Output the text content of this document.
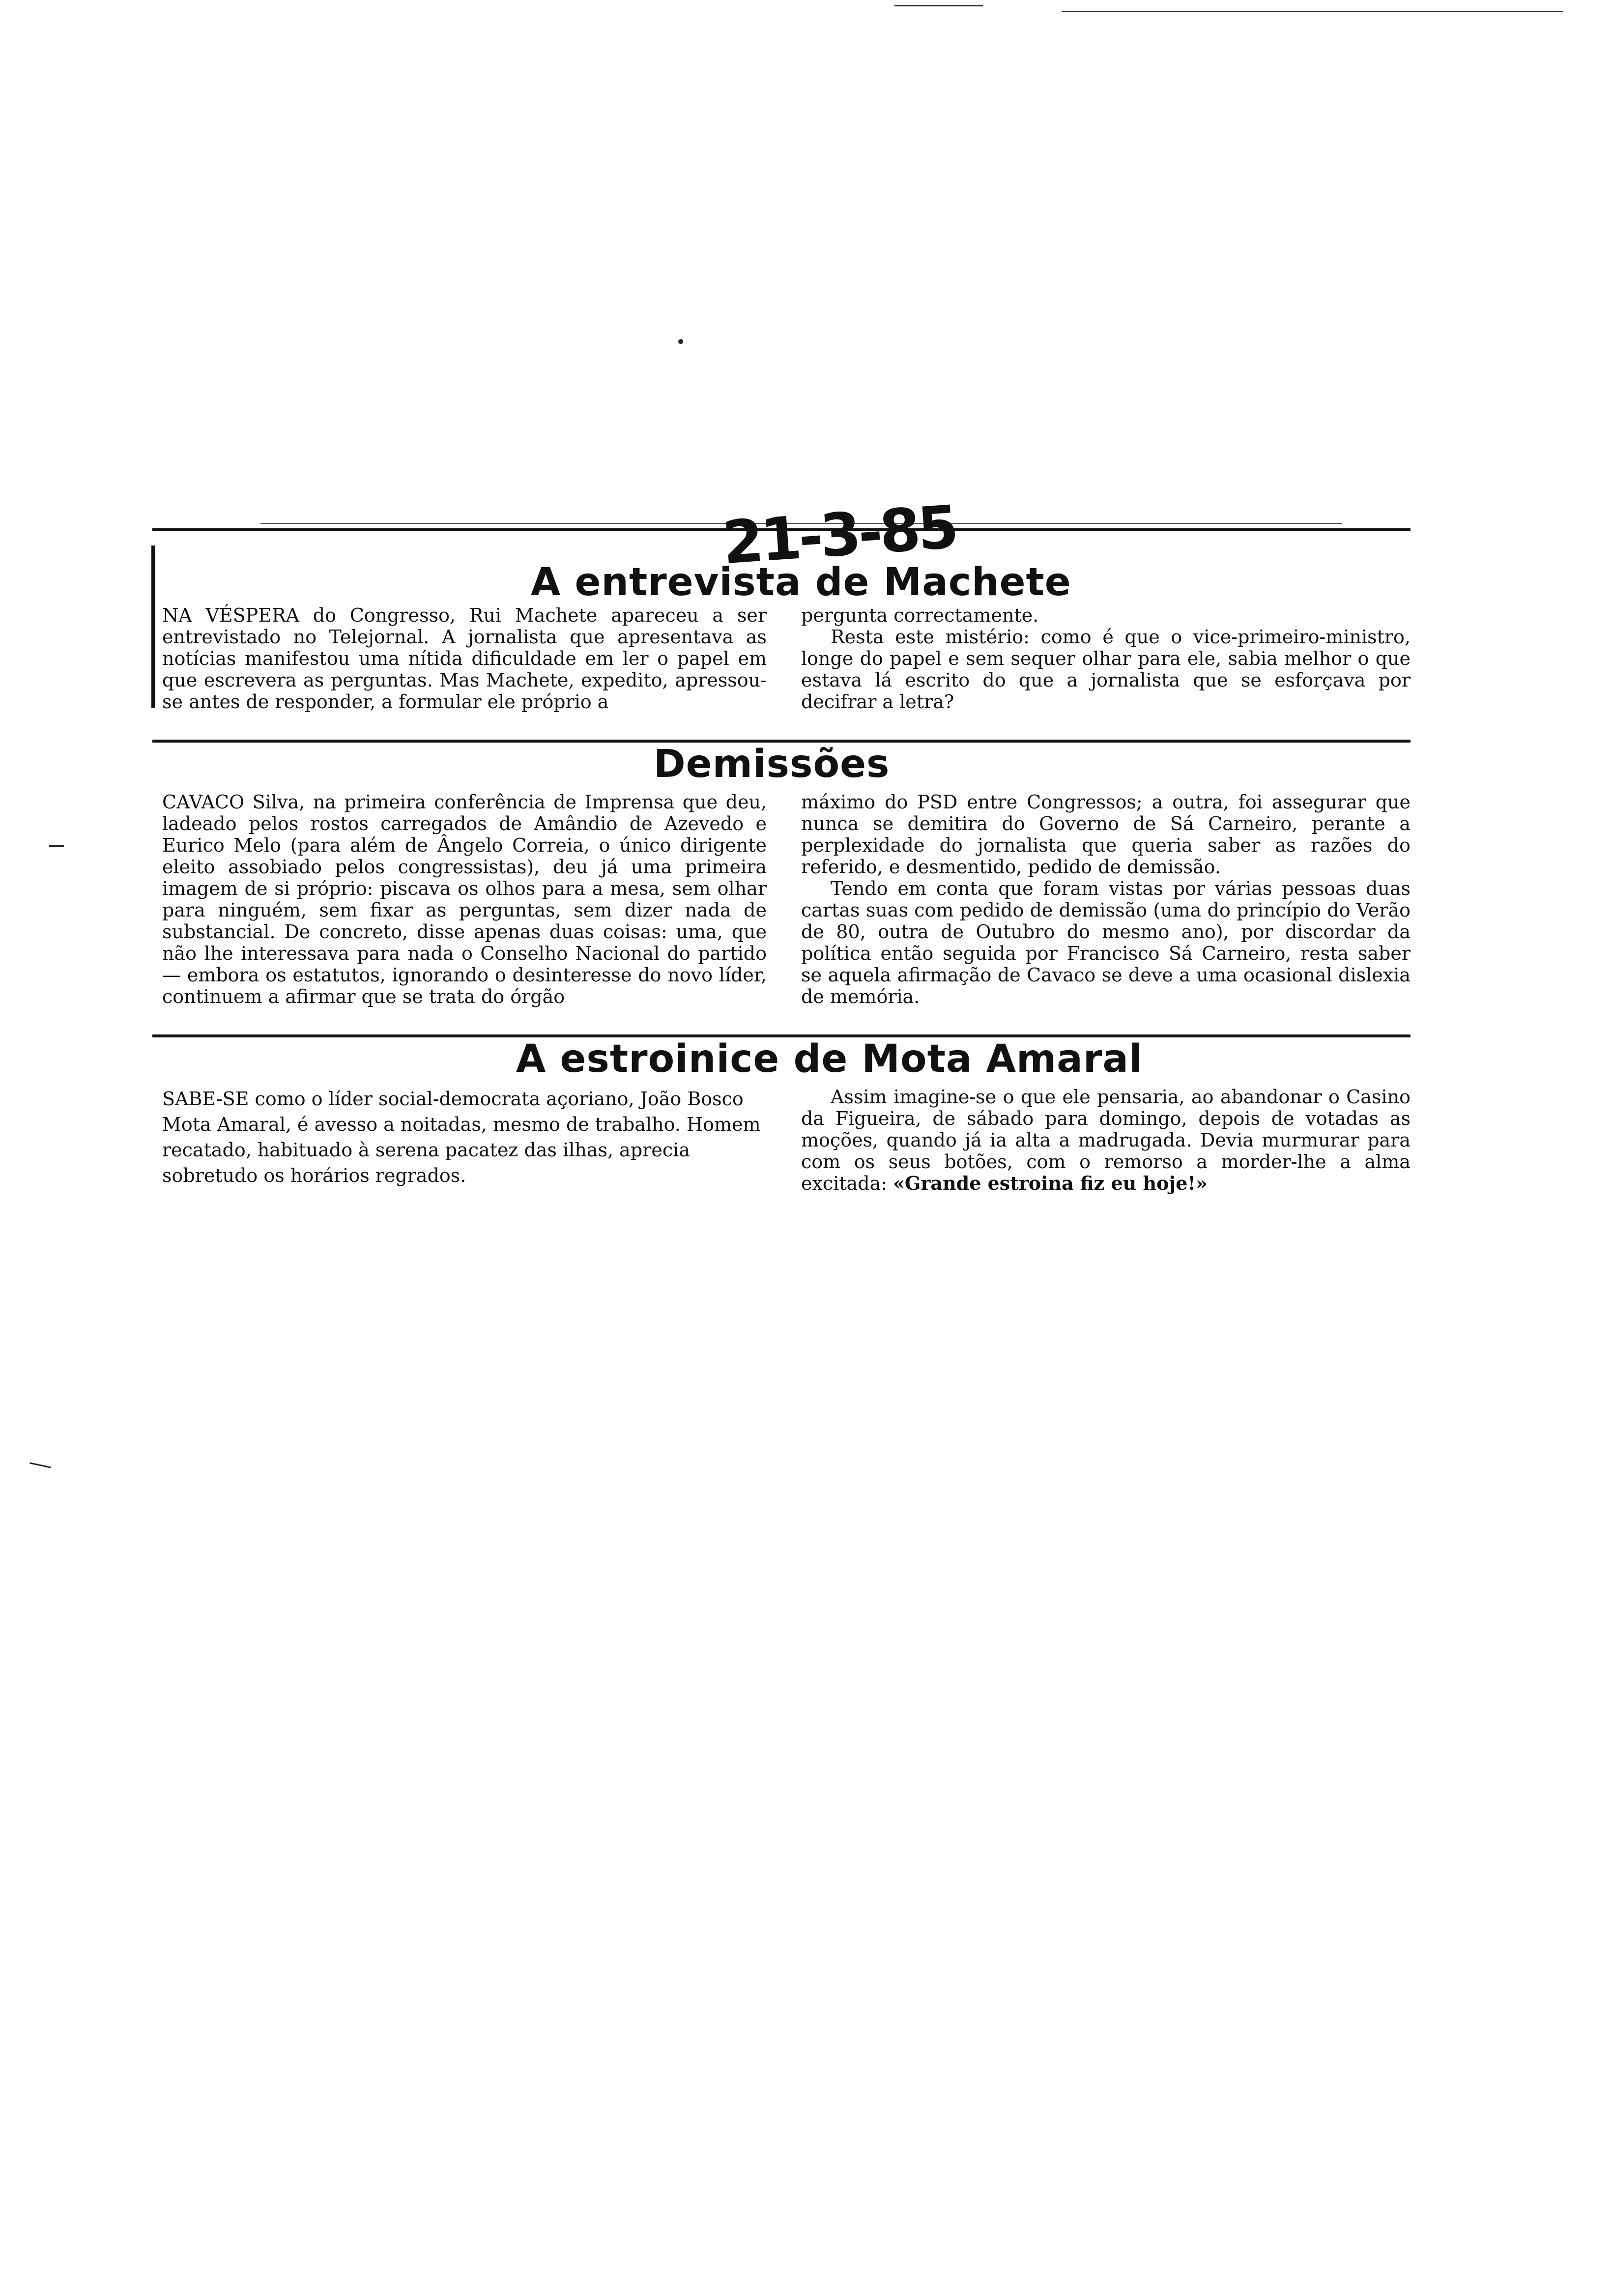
21-3-85
A entrevista de Machete

NA VÉSPERA do Congresso, Rui Machete apareceu a ser entrevistado no Telejornal. A jornalista que apresentava as notícias manifestou uma nítida dificuldade em ler o papel em que escrevera as perguntas. Mas Machete, expedito, apressou-se antes de responder, a formular ele próprio a

pergunta correctamente.

Resta este mistério: como é que o vice-primeiro-ministro, longe do papel e sem sequer olhar para ele, sabia melhor o que estava lá escrito do que a jornalista que se esforçava por decifrar a letra?

Demissões

CAVACO Silva, na primeira conferência de Imprensa que deu, ladeado pelos rostos carregados de Amândio de Azevedo e Eurico Melo (para além de Ângelo Correia, o único dirigente eleito assobiado pelos congressistas), deu já uma primeira imagem de si próprio: piscava os olhos para a mesa, sem olhar para ninguém, sem fixar as perguntas, sem dizer nada de substancial. De concreto, disse apenas duas coisas: uma, que não lhe interessava para nada o Conselho Nacional do partido — embora os estatutos, ignorando o desinteresse do novo líder, continuem a afirmar que se trata do órgão

máximo do PSD entre Congressos; a outra, foi assegurar que nunca se demitira do Governo de Sá Carneiro, perante a perplexidade do jornalista que queria saber as razões do referido, e desmentido, pedido de demissão.

Tendo em conta que foram vistas por várias pessoas duas cartas suas com pedido de demissão (uma do princípio do Verão de 80, outra de Outubro do mesmo ano), por discordar da política então seguida por Francisco Sá Carneiro, resta saber se aquela afirmação de Cavaco se deve a uma ocasional dislexia de memória.

A estroinice de Mota Amaral

SABE-SE como o líder social-democrata açoriano, João Bosco Mota Amaral, é avesso a noitadas, mesmo de trabalho. Homem recatado, habituado à serena pacatez das ilhas, aprecia sobretudo os horários regrados.

Assim imagine-se o que ele pensaria, ao abandonar o Casino da Figueira, de sábado para domingo, depois de votadas as moções, quando já ia alta a madrugada. Devia murmurar para com os seus botões, com o remorso a morder-lhe a alma excitada: «Grande estroina fiz eu hoje!»
